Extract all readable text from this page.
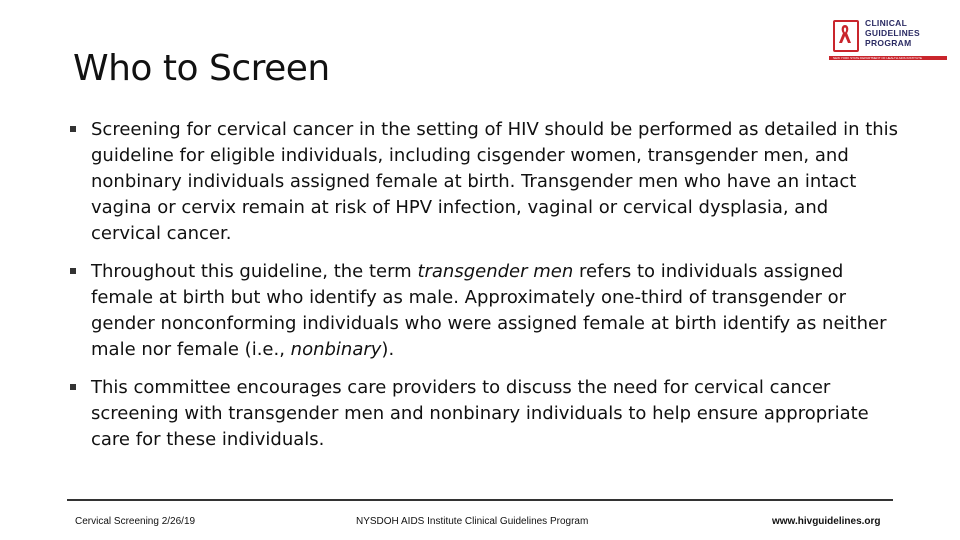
Who to Screen
CLINICAL
GUIDELINES
PROGRAM
NEW YORK STATE DEPARTMENT OF HEALTH AIDS INSTITUTE
Screening for cervical cancer in the setting of HIV should be performed as detailed in this guideline for eligible individuals, including cisgender women, transgender men, and nonbinary individuals assigned female at birth. Transgender men who have an intact vagina or cervix remain at risk of HPV infection, vaginal or cervical dysplasia, and cervical cancer.
Throughout this guideline, the term transgender men refers to individuals assigned female at birth but who identify as male. Approximately one-third of transgender or gender nonconforming individuals who were assigned female at birth identify as neither male nor female (i.e., nonbinary).
This committee encourages care providers to discuss the need for cervical cancer screening with transgender men and nonbinary individuals to help ensure appropriate care for these individuals.
Cervical Screening 2/26/19	NYSDOH AIDS Institute Clinical Guidelines Program	www.hivguidelines.org
